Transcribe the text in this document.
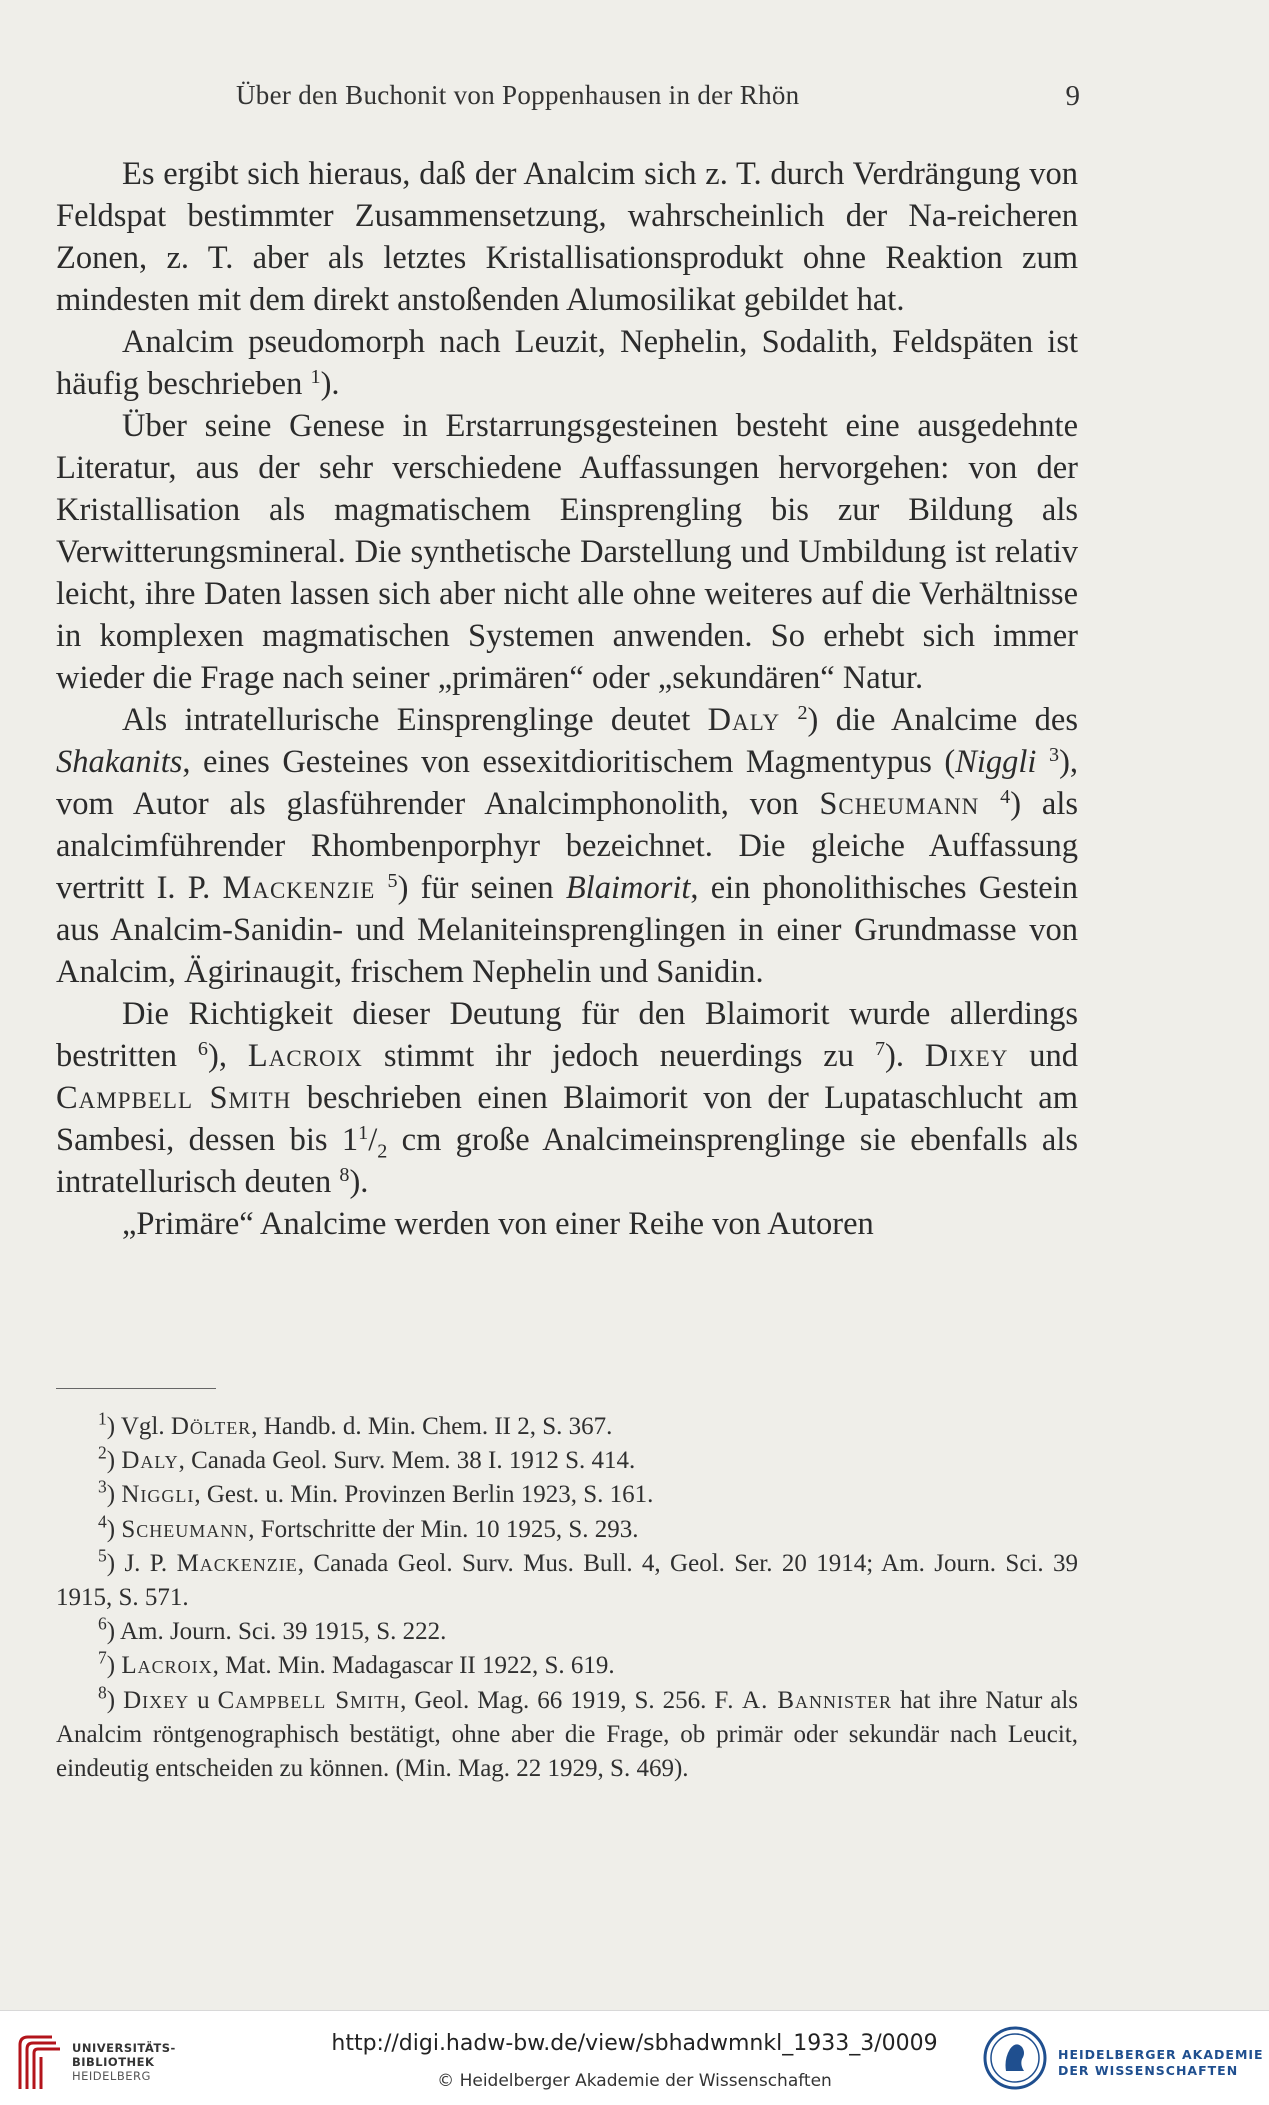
Über den Buchonit von Poppenhausen in der Rhön	9

Es ergibt sich hieraus, daß der Analcim sich z. T. durch Verdrängung von Feldspat bestimmter Zusammensetzung, wahrscheinlich der Na-reicheren Zonen, z. T. aber als letztes Kristallisationsprodukt ohne Reaktion zum mindesten mit dem direkt anstoßenden Alumosilikat gebildet hat.

Analcim pseudomorph nach Leuzit, Nephelin, Sodalith, Feldspäten ist häufig beschrieben $^1$).

Über seine Genese in Erstarrungsgesteinen besteht eine ausgedehnte Literatur, aus der sehr verschiedene Auffassungen hervorgehen: von der Kristallisation als magmatischem Einsprengling bis zur Bildung als Verwitterungsmineral. Die synthetische Darstellung und Umbildung ist relativ leicht, ihre Daten lassen sich aber nicht alle ohne weiteres auf die Verhältnisse in komplexen magmatischen Systemen anwenden. So erhebt sich immer wieder die Frage nach seiner „primären“ oder „sekundären“ Natur.

Als intratellurische Einsprenglinge deutet Daly $^2$) die Analcime des Shakanits, eines Gesteines von essexitdioritischem Magmentypus (Niggli $^3$), vom Autor als glasführender Analcimphonolith, von Scheumann $^4$) als analcimführender Rhombenporphyr bezeichnet. Die gleiche Auffassung vertritt I. P. Mackenzie $^5$) für seinen Blaimorit, ein phonolithisches Gestein aus Analcim-Sanidin- und Melaniteinsprenglingen in einer Grundmasse von Analcim, Ägirinaugit, frischem Nephelin und Sanidin.

Die Richtigkeit dieser Deutung für den Blaimorit wurde allerdings bestritten $^6$), Lacroix stimmt ihr jedoch neuerdings zu $^7$). Dixey und Campbell Smith beschrieben einen Blaimorit von der Lupataschlucht am Sambesi, dessen bis $1^1/_2$ cm große Analcimeinsprenglinge sie ebenfalls als intratellurisch deuten $^8$).

„Primäre“ Analcime werden von einer Reihe von Autoren

$^1$) Vgl. Dölter, Handb. d. Min. Chem. II 2, S. 367.

$^2$) Daly, Canada Geol. Surv. Mem. 38 I. 1912 S. 414.

$^3$) Niggli, Gest. u. Min. Provinzen Berlin 1923, S. 161.

$^4$) Scheumann, Fortschritte der Min. 10 1925, S. 293.

$^5$) J. P. Mackenzie, Canada Geol. Surv. Mus. Bull. 4, Geol. Ser. 20 1914; Am. Journ. Sci. 39 1915, S. 571.

$^6$) Am. Journ. Sci. 39 1915, S. 222.

$^7$) Lacroix, Mat. Min. Madagascar II 1922, S. 619.

$^8$) Dixey u Campbell Smith, Geol. Mag. 66 1919, S. 256. F. A. Bannister hat ihre Natur als Analcim röntgenographisch bestätigt, ohne aber die Frage, ob primär oder sekundär nach Leucit, eindeutig entscheiden zu können. (Min. Mag. 22 1929, S. 469).

UNIVERSITÄTS-
BIBLIOTHEK
HEIDELBERG
http://digi.hadw-bw.de/view/sbhadwmnkl_1933_3/0009
© Heidelberger Akademie der Wissenschaften
HEIDELBERGER AKADEMIE
DER WISSENSCHAFTEN
